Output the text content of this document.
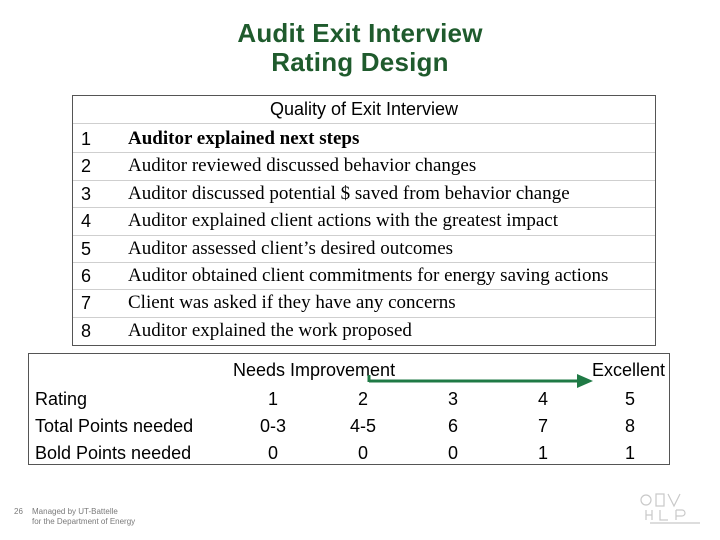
Audit Exit Interview
Rating Design
Quality of Exit Interview
1 Auditor explained next steps
2 Auditor reviewed discussed behavior changes
3 Auditor discussed potential $ saved from behavior change
4 Auditor explained client actions with the greatest impact
5 Auditor assessed client’s desired outcomes
6 Auditor obtained client commitments for energy saving actions
7 Client was asked if they have any concerns
8 Auditor explained the work proposed
Needs Improvement	Excellent
Rating
Total Points needed
Bold Points needed
1
0-3
0
2
4-5
0
3
6
0
4
7
1
5
8
1
26 Managed by UT-Battelle
for the Department of Energy
